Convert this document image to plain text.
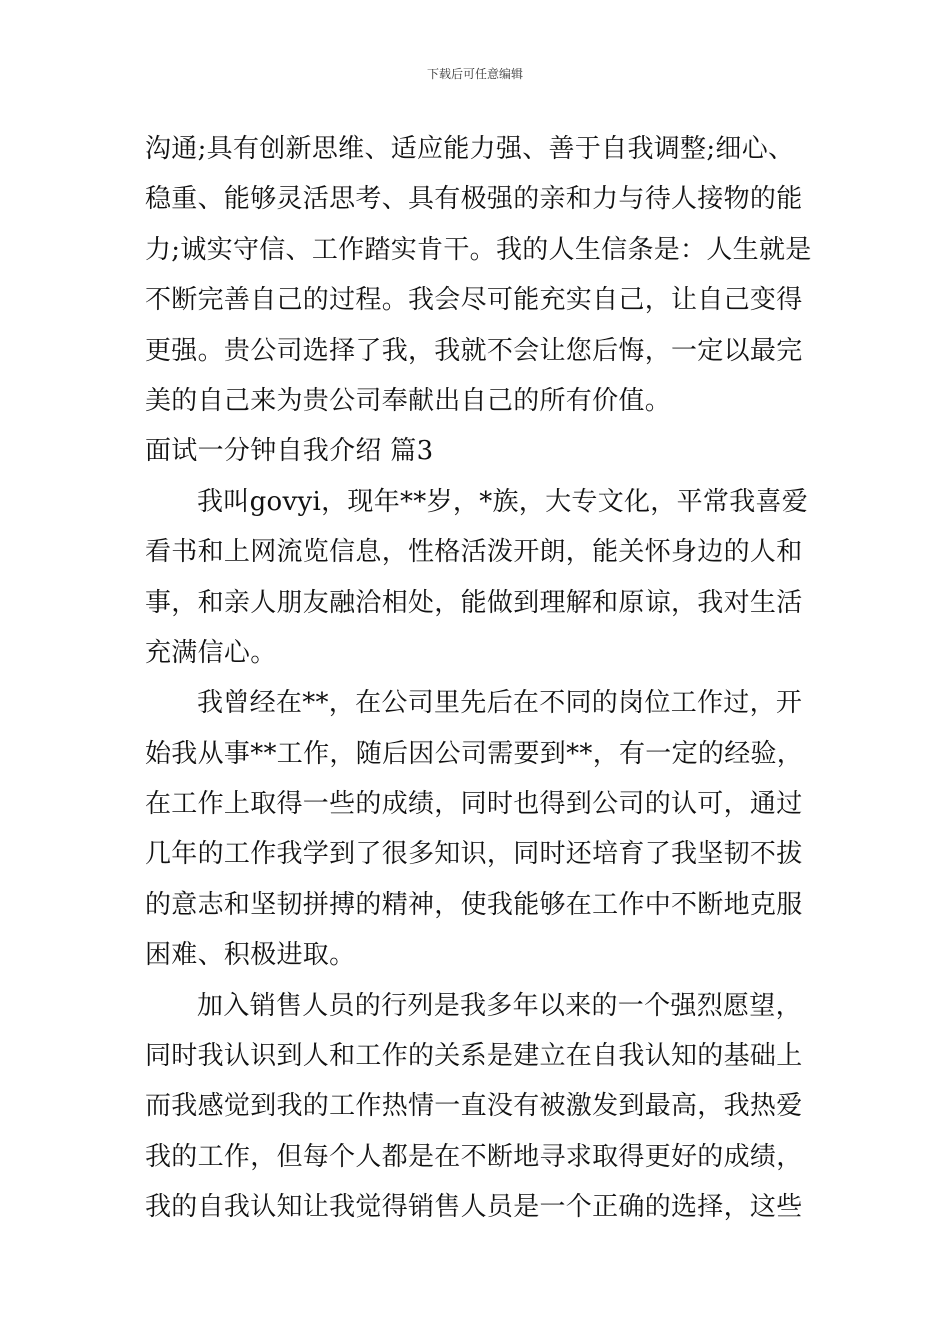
下载后可任意编辑
沟通;具有创新思维、适应能力强、善于自我调整;细心、
稳重、能够灵活思考、具有极强的亲和力与待人接物的能
力;诚实守信、工作踏实肯干。我的人生信条是：人生就是
不断完善自己的过程。我会尽可能充实自己，让自己变得
更强。贵公司选择了我，我就不会让您后悔，一定以最完
美的自己来为贵公司奉献出自己的所有价值。
面试一分钟自我介绍 篇3
我叫govyi，现年**岁，*族，大专文化，平常我喜爱
看书和上网流览信息，性格活泼开朗，能关怀身边的人和
事，和亲人朋友融洽相处，能做到理解和原谅，我对生活
充满信心。
我曾经在**，在公司里先后在不同的岗位工作过，开
始我从事**工作，随后因公司需要到**，有一定的经验，
在工作上取得一些的成绩，同时也得到公司的认可，通过
几年的工作我学到了很多知识，同时还培育了我坚韧不拔
的意志和坚韧拼搏的精神，使我能够在工作中不断地克服
困难、积极进取。
加入销售人员的行列是我多年以来的一个强烈愿望，
同时我认识到人和工作的关系是建立在自我认知的基础上
而我感觉到我的工作热情一直没有被激发到最高，我热爱
我的工作，但每个人都是在不断地寻求取得更好的成绩，
我的自我认知让我觉得销售人员是一个正确的选择，这些
